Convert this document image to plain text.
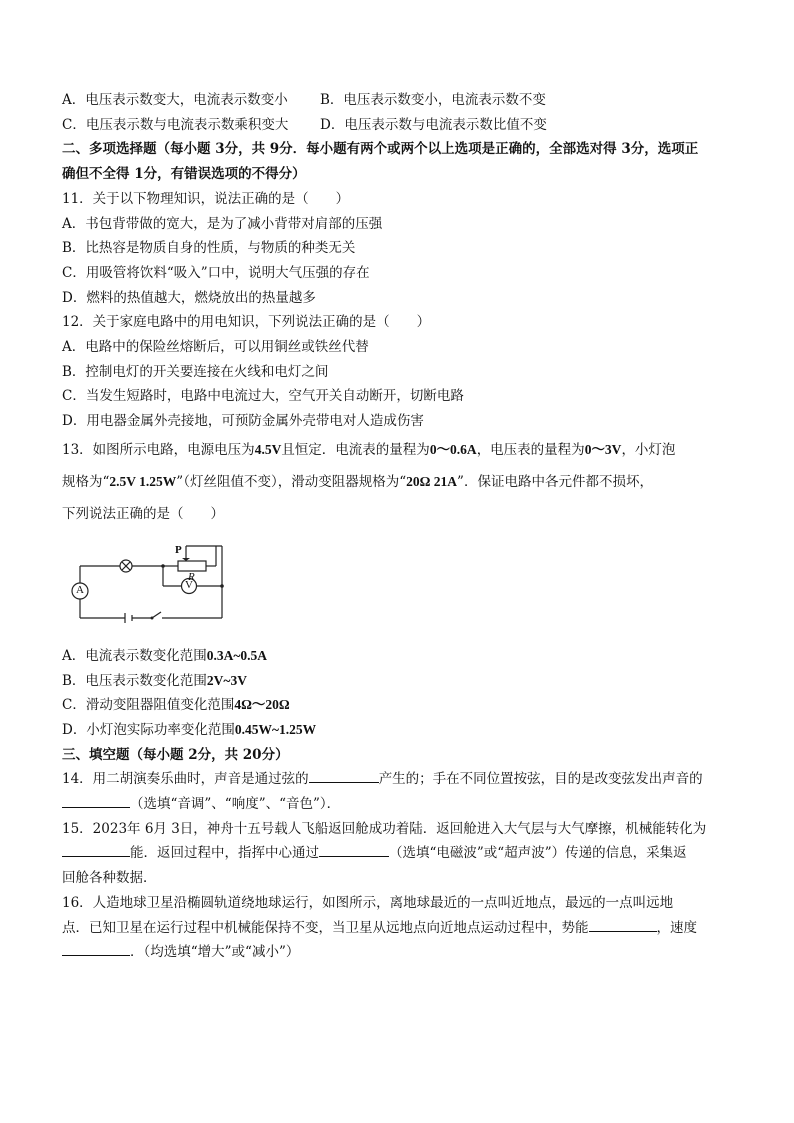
A．电压表示数变大，电流表示数变小	B．电压表示数变小，电流表示数不变
C．电压表示数与电流表示数乘积变大	D．电压表示数与电流表示数比值不变
二、多项选择题（每小题 3分，共 9分．每小题有两个或两个以上选项是正确的，全部选对得 3分，选项正
确但不全得 1分，有错误选项的不得分）
11．关于以下物理知识，说法正确的是（　　）
A．书包背带做的宽大，是为了减小背带对肩部的压强
B．比热容是物质自身的性质，与物质的种类无关
C．用吸管将饮料“吸入”口中，说明大气压强的存在
D．燃料的热值越大，燃烧放出的热量越多
12．关于家庭电路中的用电知识，下列说法正确的是（　　）
A．电路中的保险丝熔断后，可以用铜丝或铁丝代替
B．控制电灯的开关要连接在火线和电灯之间
C．当发生短路时，电路中电流过大，空气开关自动断开，切断电路
D．用电器金属外壳接地，可预防金属外壳带电对人造成伤害
13．如图所示电路，电源电压为4.5V且恒定．电流表的量程为0～0.6A，电压表的量程为0～3V，小灯泡
规格为“2.5V 1.25W”（灯丝阻值不变），滑动变阻器规格为“20Ω 21A”．保证电路中各元件都不损坏，
下列说法正确的是（　　）
A	V
P
R
A．电流表示数变化范围0.3A~0.5A
B．电压表示数变化范围2V~3V
C．滑动变阻器阻值变化范围4Ω～20Ω
D．小灯泡实际功率变化范围0.45W~1.25W
三、填空题（每小题 2分，共 20分）
14．用二胡演奏乐曲时，声音是通过弦的	产生的；手在不同位置按弦，目的是改变弦发出声音的
（选填“音调”、“响度”、“音色”）．
15．2023年 6月 3日，神舟十五号载人飞船返回舱成功着陆．返回舱进入大气层与大气摩擦，机械能转化为
能．返回过程中，指挥中心通过	（选填“电磁波”或“超声波”）传递的信息，采集返
回舱各种数据．
16．人造地球卫星沿椭圆轨道绕地球运行，如图所示，离地球最近的一点叫近地点，最远的一点叫远地
点．已知卫星在运行过程中机械能保持不变，当卫星从远地点向近地点运动过程中，势能	，速度
．（均选填“增大”或“减小”）
